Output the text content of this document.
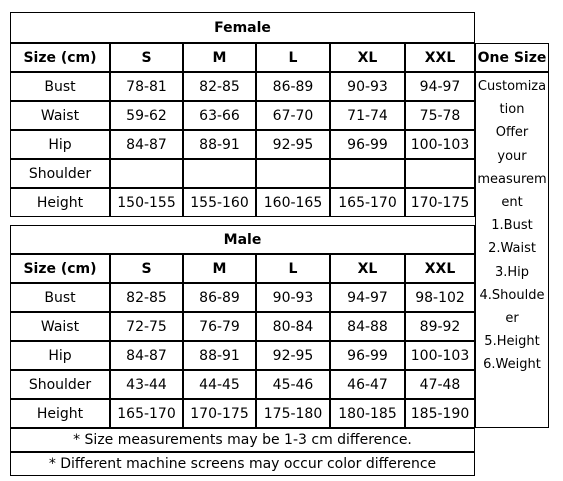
Female
Size (cm)	S	M	L	XL	XXL
Bust	78-81	82-85	86-89	90-93	94-97
Waist	59-62	63-66	67-70	71-74	75-78
Hip	84-87	88-91	92-95	96-99	100-103
Shoulder
Height	150-155	155-160	160-165	165-170	170-175
Male
Size (cm)	S	M	L	XL	XXL
Bust	82-85	86-89	90-93	94-97	98-102
Waist	72-75	76-79	80-84	84-88	89-92
Hip	84-87	88-91	92-95	96-99	100-103
Shoulder	43-44	44-45	45-46	46-47	47-48
Height	165-170	170-175	175-180	180-185	185-190
One Size
Customiza
tion
Offer
your
measurem
ent
1.Bust
2.Waist
3.Hip
4.Shoulde
er
5.Height
6.Weight
* Size measurements may be 1-3 cm difference.
* Different machine screens may occur color difference
